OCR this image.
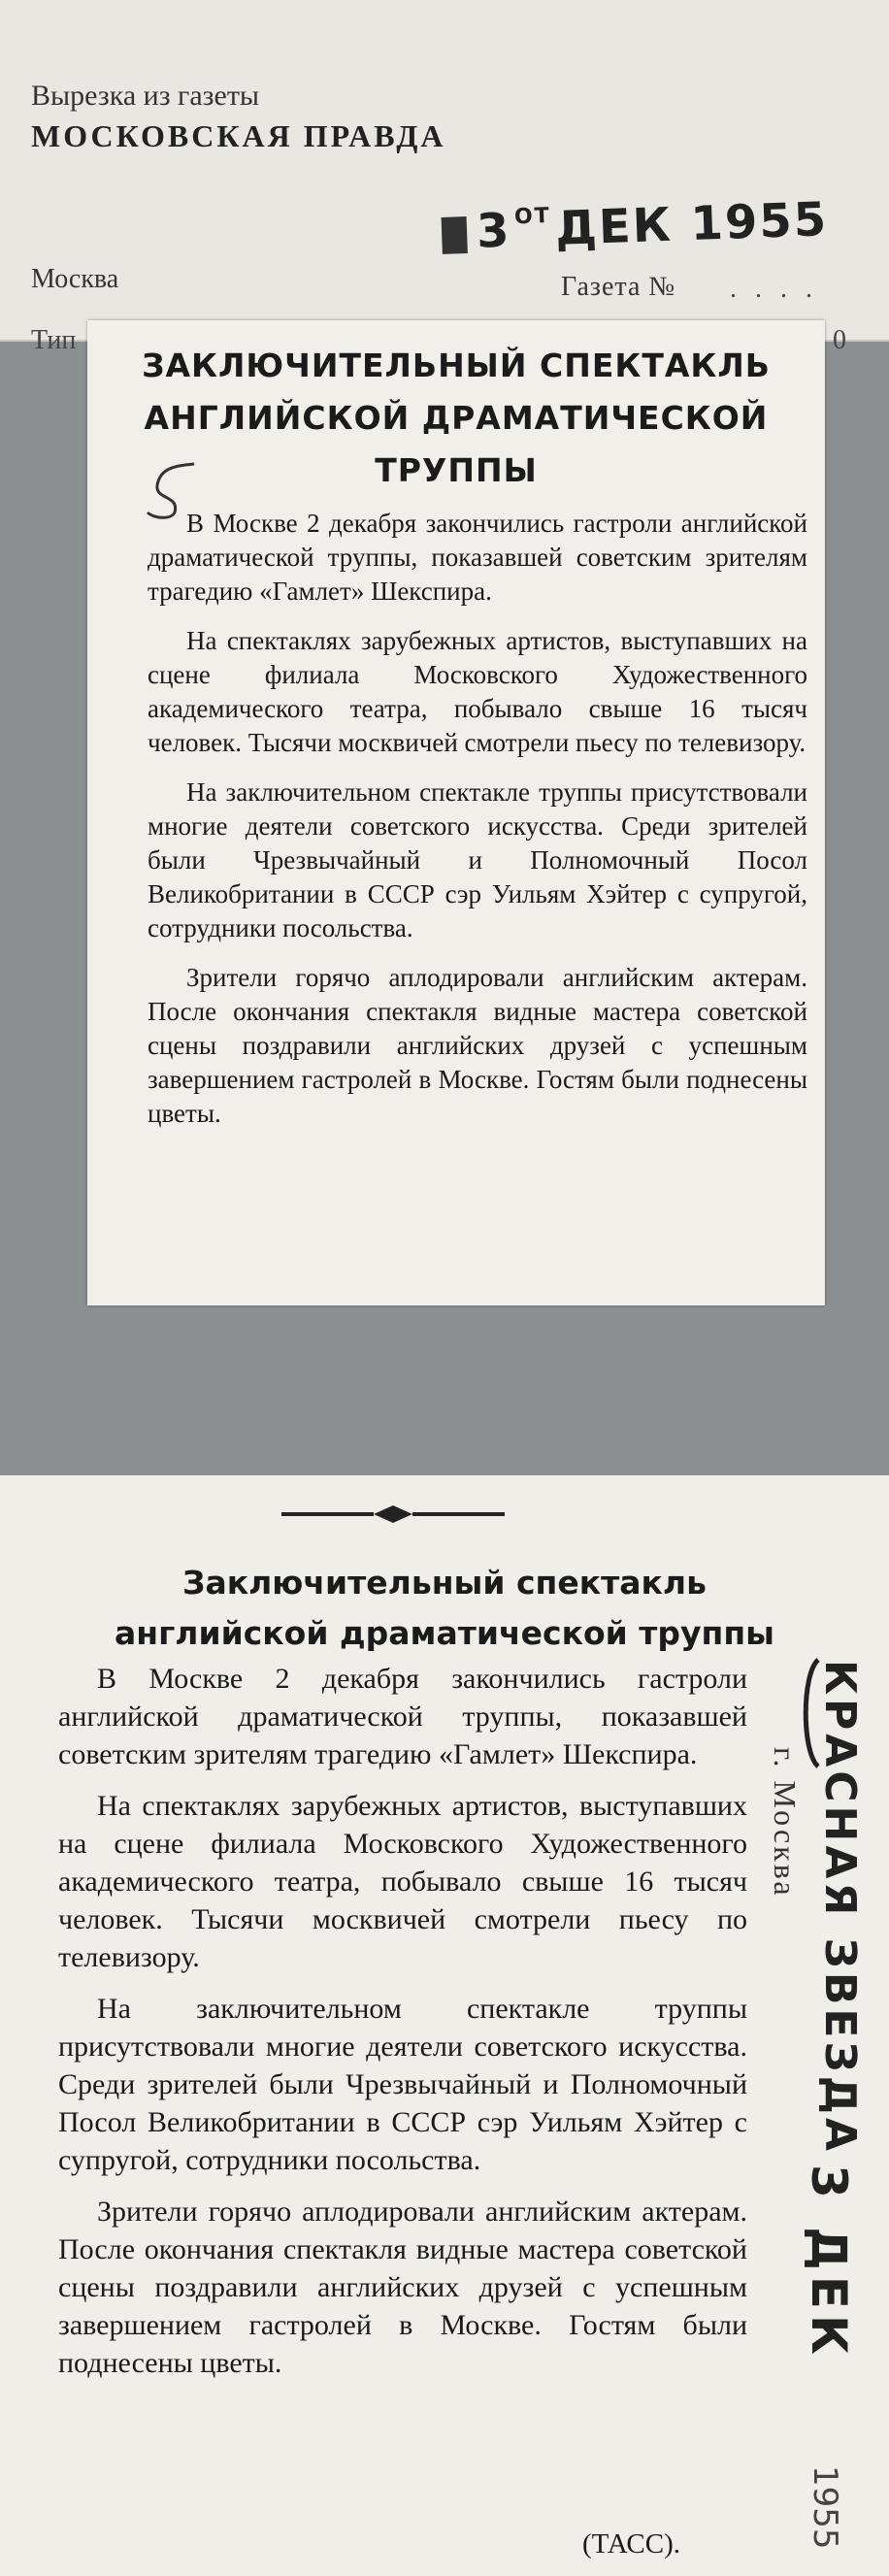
Вырезка из газеты
МОСКОВСКАЯ ПРАВДА
$3^{ОТ}ДЕК$ 1955
Москва	Газета № . . . .
Тип	0
ЗАКЛЮЧИТЕЛЬНЫЙ СПЕКТАКЛЬ
АНГЛИЙСКОЙ ДРАМАТИЧЕСКОЙ
ТРУППЫ

В Москве 2 декабря закончились гастроли английской драматической труппы, показавшей советским зрителям трагедию «Гамлет» Шекспира.

На спектаклях зарубежных артистов, выступавших на сцене филиала Московского Художественного академического театра, побывало свыше 16 тысяч человек. Тысячи москвичей смотрели пьесу по телевизору.

На заключительном спектакле труппы присутствовали многие деятели советского искусства. Среди зрителей были Чрезвычайный и Полномочный Посол Великобритании в СССР сэр Уильям Хэйтер с супругой, сотрудники посольства.

Зрители горячо аплодировали английским актерам. После окончания спектакля видные мастера советской сцены поздравили английских друзей с успешным завершением гастролей в Москве. Гостям были поднесены цветы.

Заключительный спектакль
английской драматической труппы

В Москве 2 декабря закончились гастроли английской драматической труппы, показавшей советским зрителям трагедию «Гамлет» Шекспира.

На спектаклях зарубежных артистов, выступавших на сцене филиала Московского Художественного академического театра, побывало свыше 16 тысяч человек. Тысячи москвичей смотрели пьесу по телевизору.

На заключительном спектакле труппы присутствовали многие деятели советского искусства. Среди зрителей были Чрезвычайный и Полномочный Посол Великобритании в СССР сэр Уильям Хэйтер с супругой, сотрудники посольства.

Зрители горячо аплодировали английским актерам. После окончания спектакля видные мастера советской сцены поздравили английских друзей с успешным завершением гастролей в Москве. Гостям были поднесены цветы.

(ТАСС).
КРАСНАЯ ЗВЕЗДА
г. Москва
3 ДЕК
1955
